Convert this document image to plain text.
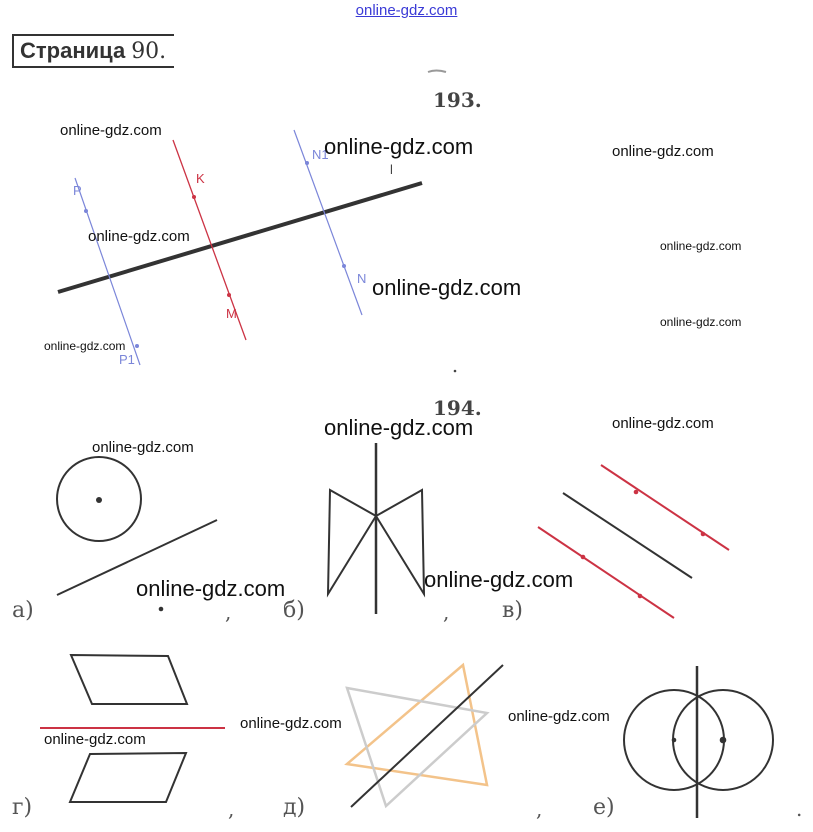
online-gdz.com
Страница 90.
193.
194.
P
K
N1
l
N
M
P1
а)	б)	в)
г)	д)	е)
,	,
,	,	.
online-gdz.com
online-gdz.com	online-gdz.com
online-gdz.com
online-gdz.com
online-gdz.com
online-gdz.com
online-gdz.com
online-gdz.com	online-gdz.com
online-gdz.com
online-gdz.com
online-gdz.com
online-gdz.com
online-gdz.com
online-gdz.com
